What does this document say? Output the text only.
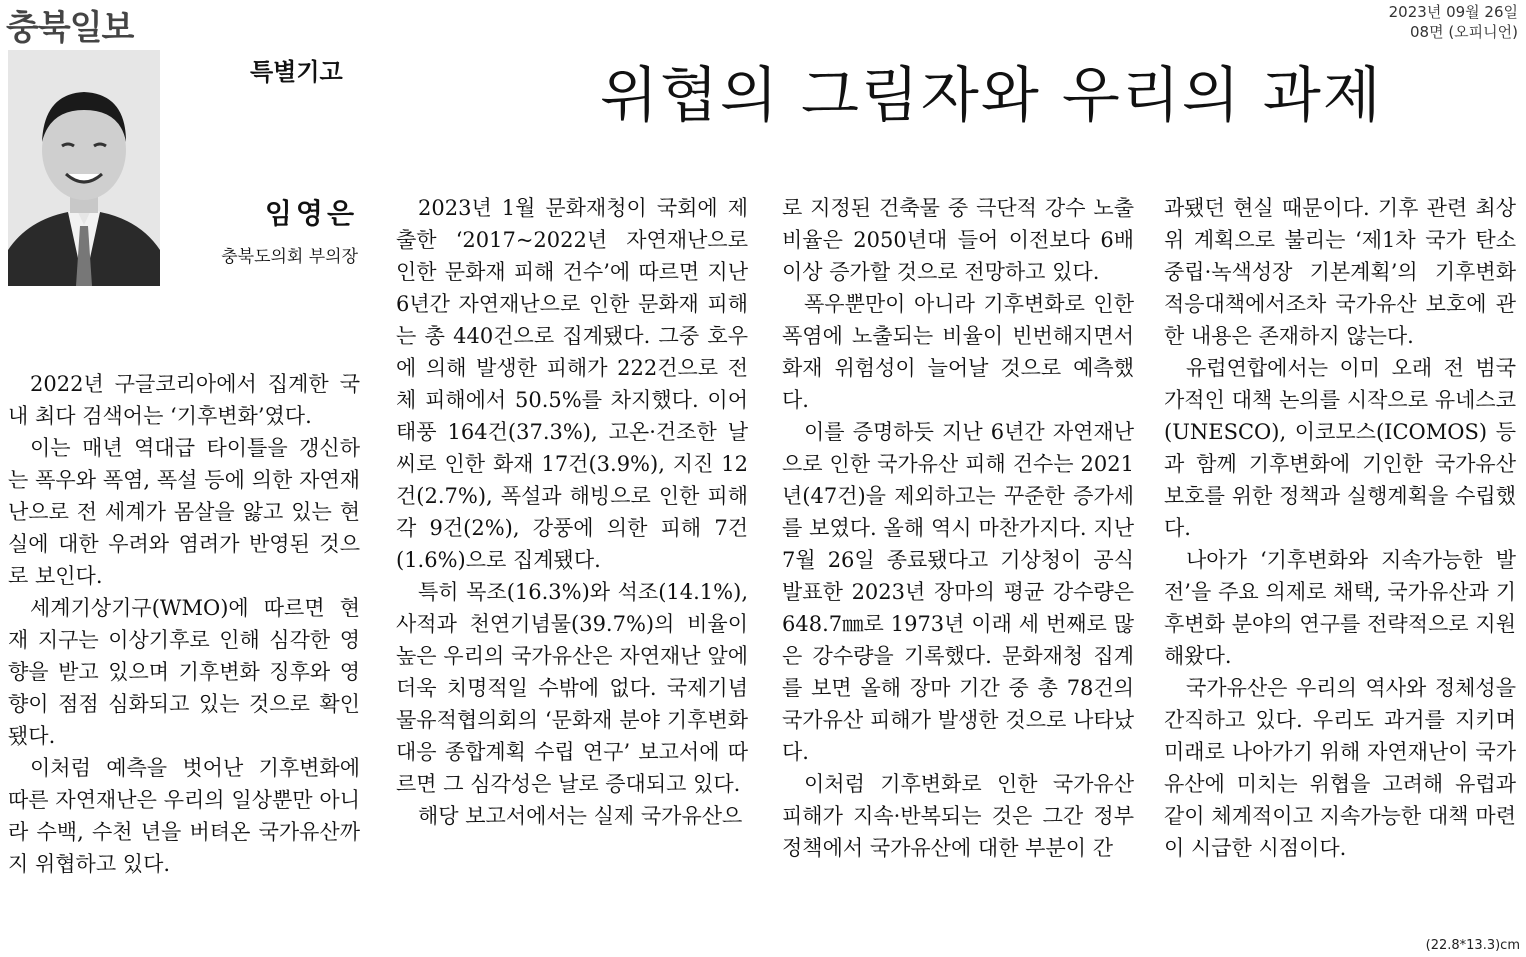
충북일보	2023년 09월 26일
08면 (오피니언)
특별기고	위협의 그림자와 우리의 과제
임영은
충북도의회 부의장

2022년 구글코리아에서 집계한 국내 최다 검색어는 ‘기후변화’였다.

이는 매년 역대급 타이틀을 갱신하는 폭우와 폭염, 폭설 등에 의한 자연재난으로 전 세계가 몸살을 앓고 있는 현실에 대한 우려와 염려가 반영된 것으로 보인다.

세계기상기구(WMO)에 따르면 현재 지구는 이상기후로 인해 심각한 영향을 받고 있으며 기후변화 징후와 영향이 점점 심화되고 있는 것으로 확인됐다.

이처럼 예측을 벗어난 기후변화에 따른 자연재난은 우리의 일상뿐만 아니라 수백, 수천 년을 버텨온 국가유산까지 위협하고 있다.

2023년 1월 문화재청이 국회에 제출한 ‘2017~2022년 자연재난으로 인한 문화재 피해 건수’에 따르면 지난 6년간 자연재난으로 인한 문화재 피해는 총 440건으로 집계됐다. 그중 호우에 의해 발생한 피해가 222건으로 전체 피해에서 50.5%를 차지했다. 이어 태풍 164건(37.3%), 고온·건조한 날씨로 인한 화재 17건(3.9%), 지진 12건(2.7%), 폭설과 해빙으로 인한 피해 각 9건(2%), 강풍에 의한 피해 7건(1.6%)으로 집계됐다.

특히 목조(16.3%)와 석조(14.1%), 사적과 천연기념물(39.7%)의 비율이 높은 우리의 국가유산은 자연재난 앞에 더욱 치명적일 수밖에 없다. 국제기념물유적협의회의 ‘문화재 분야 기후변화 대응 종합계획 수립 연구’ 보고서에 따르면 그 심각성은 날로 증대되고 있다.

해당 보고서에서는 실제 국가유산으

로 지정된 건축물 중 극단적 강수 노출 비율은 2050년대 들어 이전보다 6배 이상 증가할 것으로 전망하고 있다.

폭우뿐만이 아니라 기후변화로 인한 폭염에 노출되는 비율이 빈번해지면서 화재 위험성이 늘어날 것으로 예측했다.

이를 증명하듯 지난 6년간 자연재난으로 인한 국가유산 피해 건수는 2021년(47건)을 제외하고는 꾸준한 증가세를 보였다. 올해 역시 마찬가지다. 지난 7월 26일 종료됐다고 기상청이 공식 발표한 2023년 장마의 평균 강수량은 648.7㎜로 1973년 이래 세 번째로 많은 강수량을 기록했다. 문화재청 집계를 보면 올해 장마 기간 중 총 78건의 국가유산 피해가 발생한 것으로 나타났다.

이처럼 기후변화로 인한 국가유산 피해가 지속·반복되는 것은 그간 정부 정책에서 국가유산에 대한 부분이 간

과됐던 현실 때문이다. 기후 관련 최상위 계획으로 불리는 ‘제1차 국가 탄소중립·녹색성장 기본계획’의 기후변화 적응대책에서조차 국가유산 보호에 관한 내용은 존재하지 않는다.

유럽연합에서는 이미 오래 전 범국가적인 대책 논의를 시작으로 유네스코(UNESCO), 이코모스(ICOMOS) 등과 함께 기후변화에 기인한 국가유산 보호를 위한 정책과 실행계획을 수립했다.

나아가 ‘기후변화와 지속가능한 발전’을 주요 의제로 채택, 국가유산과 기후변화 분야의 연구를 전략적으로 지원해왔다.

국가유산은 우리의 역사와 정체성을 간직하고 있다. 우리도 과거를 지키며 미래로 나아가기 위해 자연재난이 국가유산에 미치는 위협을 고려해 유럽과 같이 체계적이고 지속가능한 대책 마련이 시급한 시점이다.

(22.8*13.3)cm
